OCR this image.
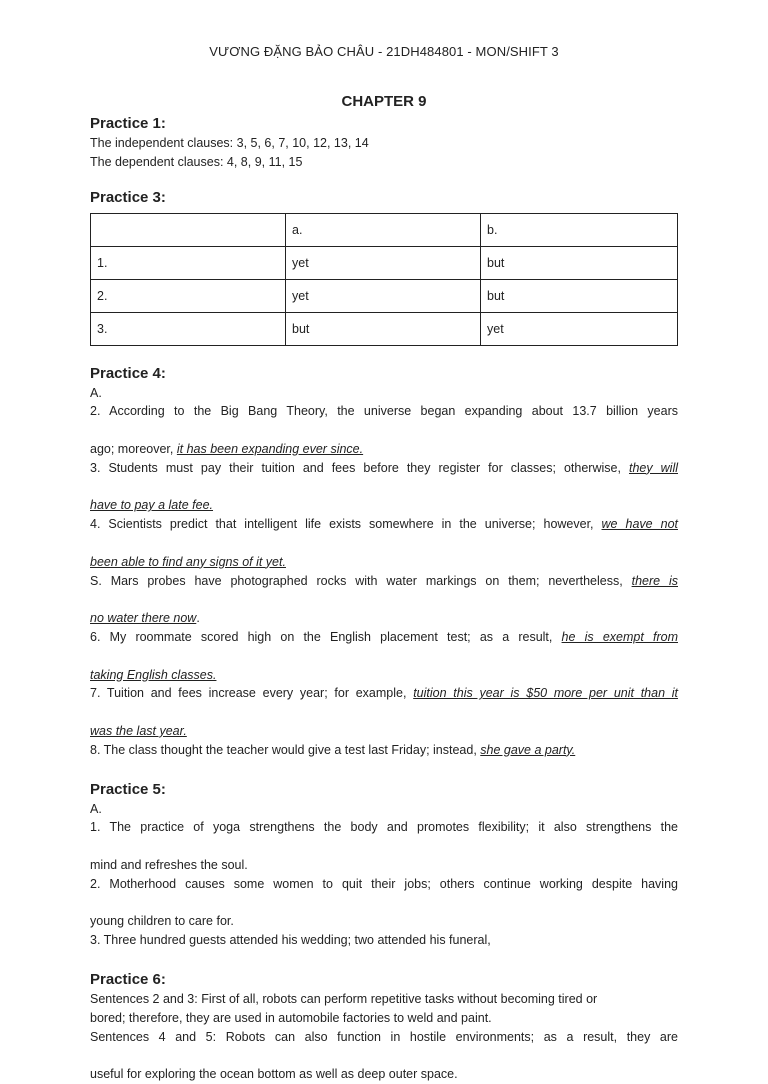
VƯƠNG ĐẶNG BẢO CHÂU - 21DH484801 - MON/SHIFT 3
CHAPTER 9
Practice 1:

The independent clauses: 3, 5, 6, 7, 10, 12, 13, 14

The dependent clauses: 4, 8, 9, 11, 15

Practice 3:
	a.	b.
1.	yet	but
2.	yet	but
3.	but	yet
Practice 4:

A.

2. According to the Big Bang Theory, the universe began expanding about 13.7 billion years

ago; moreover, it has been expanding ever since.

3. Students must pay their tuition and fees before they register for classes; otherwise, they will

have to pay a late fee.

4. Scientists predict that intelligent life exists somewhere in the universe; however, we have not

been able to find any signs of it yet.

S. Mars probes have photographed rocks with water markings on them; nevertheless, there is

no water there now.

6. My roommate scored high on the English placement test; as a result, he is exempt from

taking English classes.

7. Tuition and fees increase every year; for example, tuition this year is $50 more per unit than it

was the last year.

8. The class thought the teacher would give a test last Friday; instead, she gave a party.

Practice 5:

A.

1. The practice of yoga strengthens the body and promotes flexibility; it also strengthens the

mind and refreshes the soul.

2. Motherhood causes some women to quit their jobs; others continue working despite having

young children to care for.

3. Three hundred guests attended his wedding; two attended his funeral,

Practice 6:

Sentences 2 and 3: First of all, robots can perform repetitive tasks without becoming tired or

bored; therefore, they are used in automobile factories to weld and paint.

Sentences 4 and 5: Robots can also function in hostile environments; as a result, they are

useful for exploring the ocean bottom as well as deep outer space.
